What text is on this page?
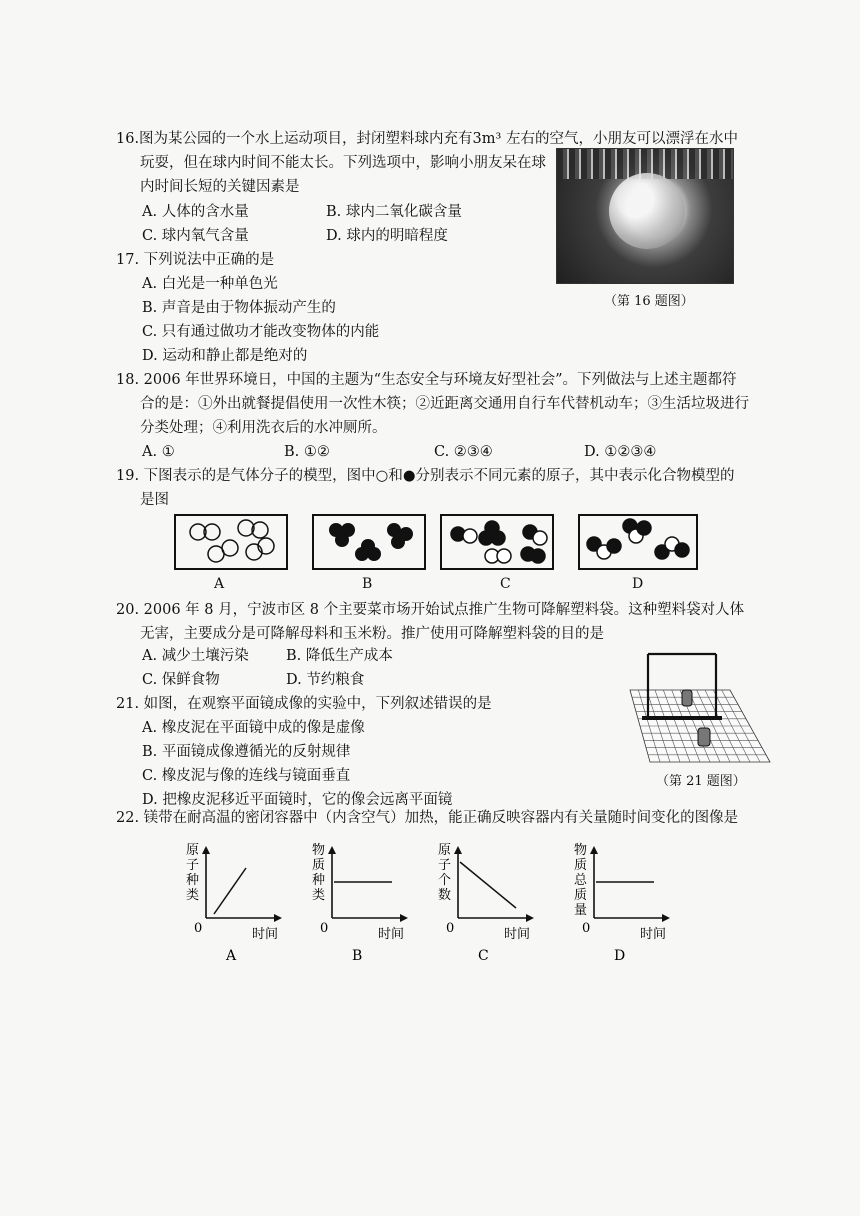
16.图为某公园的一个水上运动项目，封闭塑料球内充有3m³ 左右的空气，小朋友可以漂浮在水中
玩耍，但在球内时间不能太长。下列选项中，影响小朋友呆在球
内时间长短的关键因素是
A. 人体的含水量	B. 球内二氧化碳含量
C. 球内氧气含量	D. 球内的明暗程度
（第 16 题图）
17. 下列说法中正确的是
A. 白光是一种单色光
B. 声音是由于物体振动产生的
C. 只有通过做功才能改变物体的内能
D. 运动和静止都是绝对的
18. 2006 年世界环境日，中国的主题为“生态安全与环境友好型社会”。下列做法与上述主题都符
合的是：①外出就餐提倡使用一次性木筷；②近距离交通用自行车代替机动车；③生活垃圾进行
分类处理；④利用洗衣后的水冲厕所。
A. ①	B. ①②	C. ②③④	D. ①②③④
19. 下图表示的是气体分子的模型，图中○和●分别表示不同元素的原子，其中表示化合物模型的
是图
A	B	C	D
20. 2006 年 8 月，宁波市区 8 个主要菜市场开始试点推广生物可降解塑料袋。这种塑料袋对人体
无害，主要成分是可降解母料和玉米粉。推广使用可降解塑料袋的目的是
A. 减少土壤污染	B. 降低生产成本
C. 保鲜食物	D. 节约粮食
21. 如图，在观察平面镜成像的实验中，下列叙述错误的是
A. 橡皮泥在平面镜中成的像是虚像
B. 平面镜成像遵循光的反射规律
C. 橡皮泥与像的连线与镜面垂直
D. 把橡皮泥移近平面镜时，它的像会远离平面镜
（第 21 题图）
22. 镁带在耐高温的密闭容器中（内含空气）加热，能正确反映容器内有关量随时间变化的图像是
原
子
种
类
0	时间
A
物
质
种
类
0	时间
B
原
子
个
数
0	时间
C
物
质
总
质
量
0	时间
D
